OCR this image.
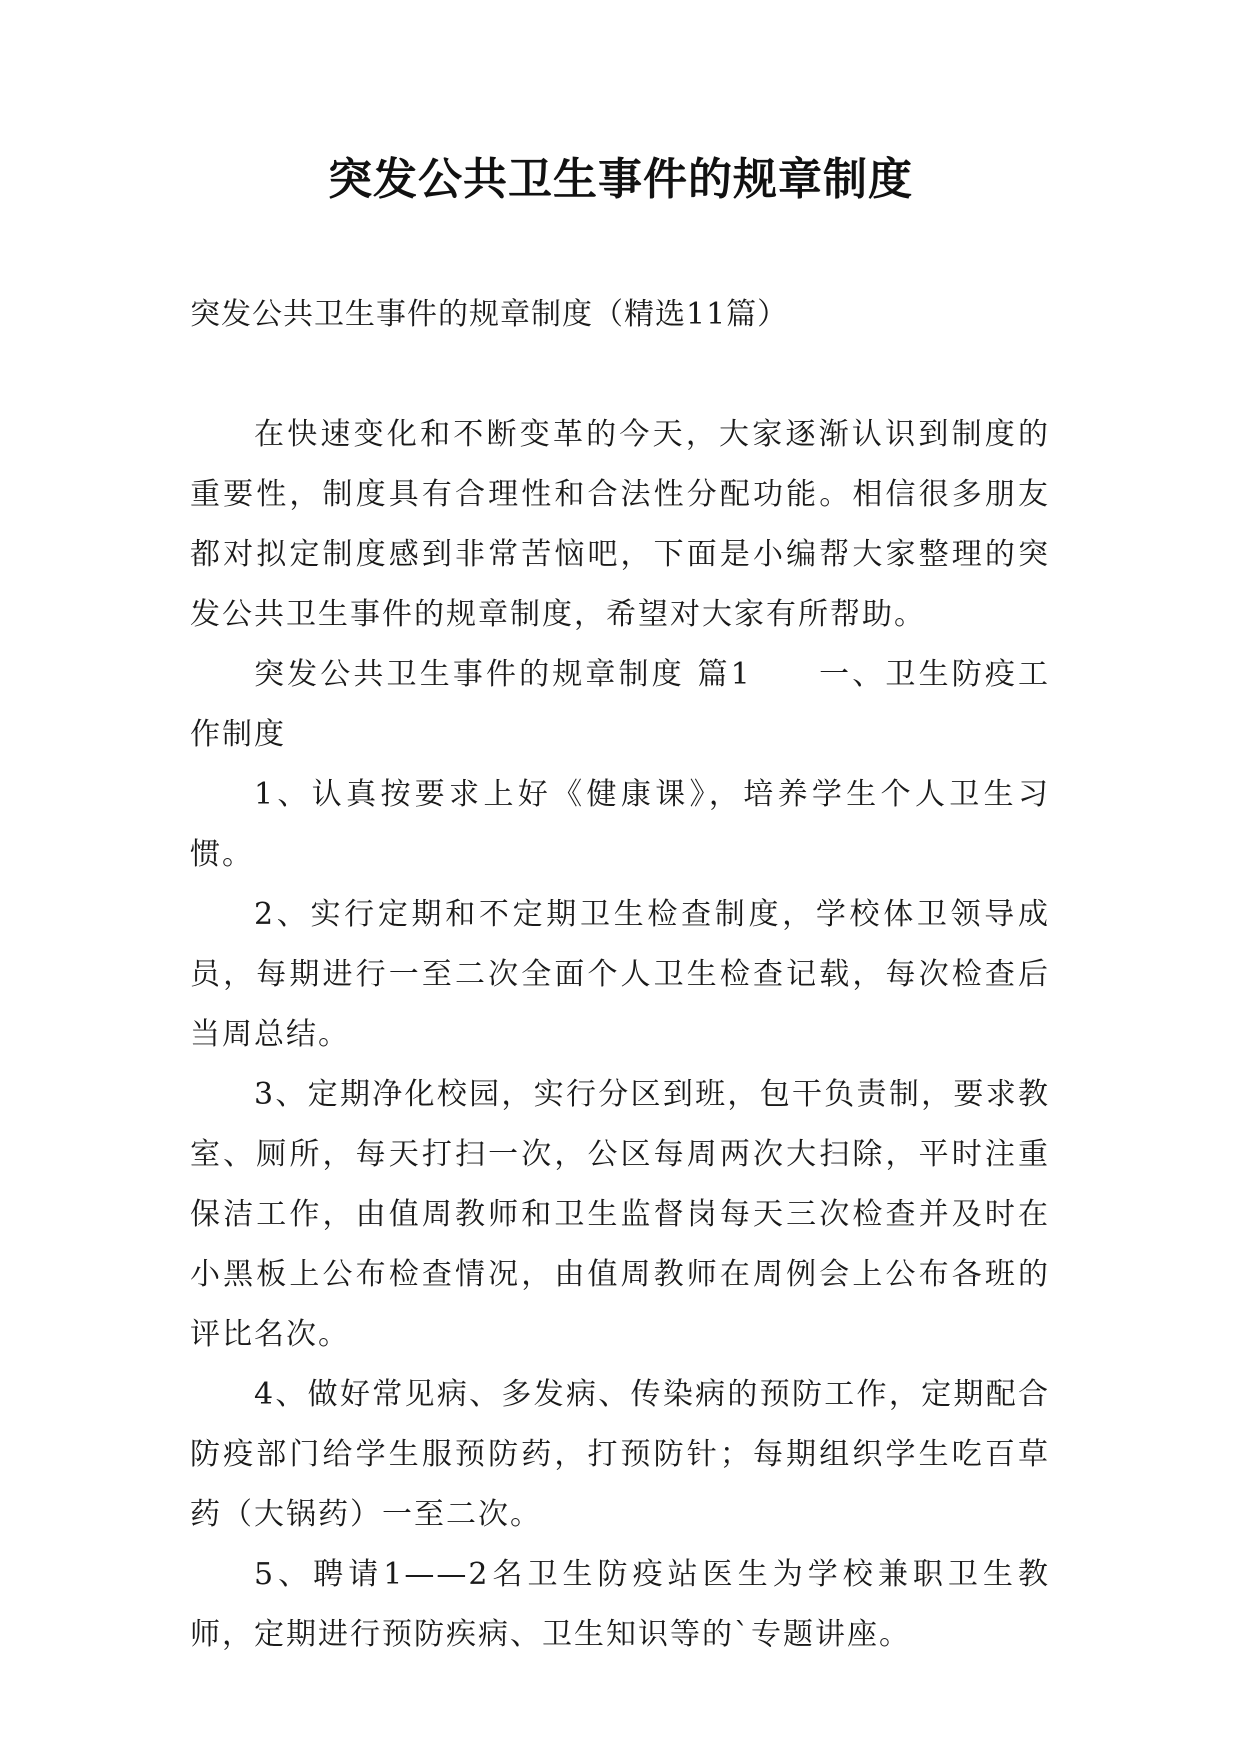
突发公共卫生事件的规章制度
突发公共卫生事件的规章制度（精选11篇）

在快速变化和不断变革的今天，大家逐渐认识到制度的重要性，制度具有合理性和合法性分配功能。相信很多朋友都对拟定制度感到非常苦恼吧，下面是小编帮大家整理的突发公共卫生事件的规章制度，希望对大家有所帮助。

突发公共卫生事件的规章制度 篇1　　一、卫生防疫工作制度

1、认真按要求上好《健康课》，培养学生个人卫生习惯。

2、实行定期和不定期卫生检查制度，学校体卫领导成员，每期进行一至二次全面个人卫生检查记载，每次检查后当周总结。

3、定期净化校园，实行分区到班，包干负责制，要求教室、厕所，每天打扫一次，公区每周两次大扫除，平时注重保洁工作，由值周教师和卫生监督岗每天三次检查并及时在小黑板上公布检查情况，由值周教师在周例会上公布各班的评比名次。

4、做好常见病、多发病、传染病的预防工作，定期配合防疫部门给学生服预防药，打预防针；每期组织学生吃百草药（大锅药）一至二次。

5、聘请1——2名卫生防疫站医生为学校兼职卫生教师，定期进行预防疾病、卫生知识等的`专题讲座。
